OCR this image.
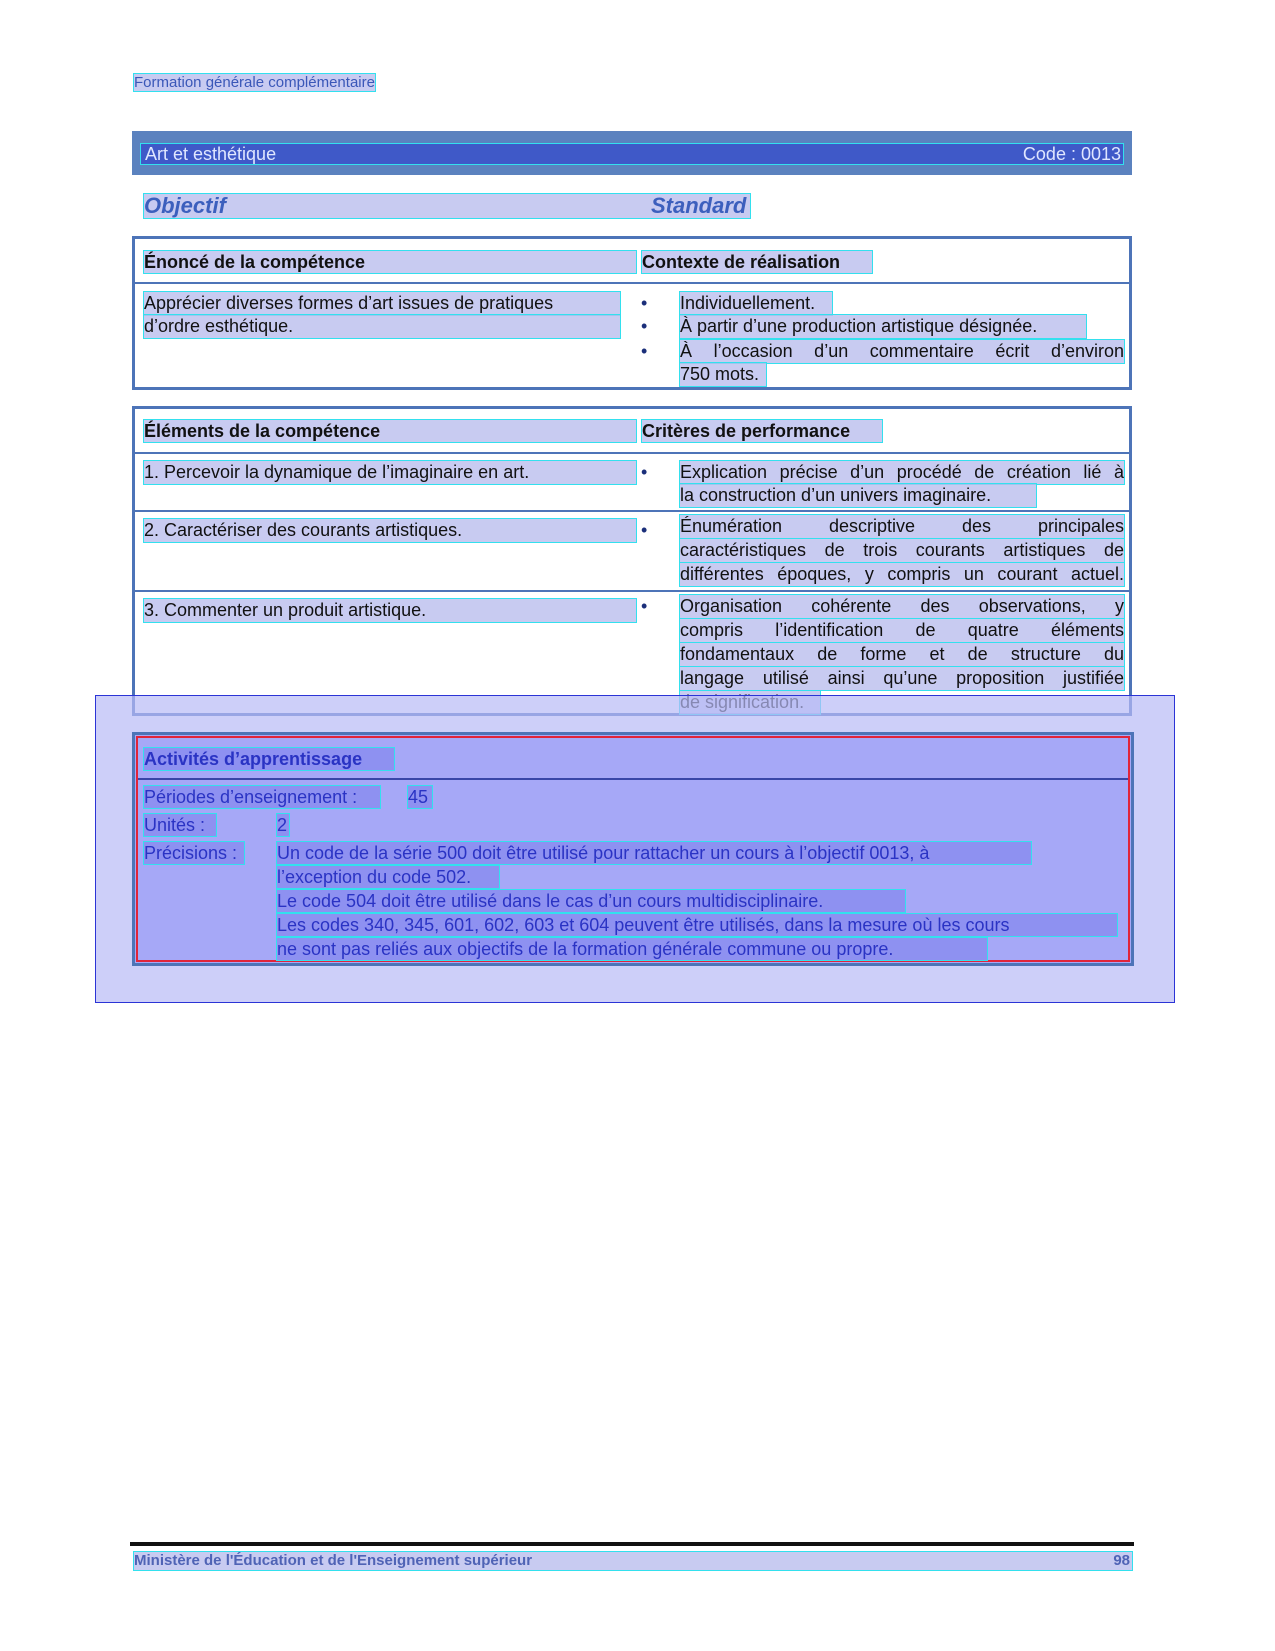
Formation générale complémentaire
Art et esthétique	Code : 0013
Objectif	Standard
Énoncé de la compétence	Contexte de réalisation
Apprécier diverses formes d’art issues de pratiques
d’ordre esthétique.
• Individuellement.
• À partir d’une production artistique désignée.
• À l’occasion d’un commentaire écrit d’environ
750 mots.
Éléments de la compétence	Critères de performance
1. Percevoir la dynamique de l’imaginaire en art.	• Explication précise d’un procédé de création lié à
la construction d’un univers imaginaire.
2. Caractériser des courants artistiques.	• Énumération descriptive des principales
caractéristiques de trois courants artistiques de
différentes époques, y compris un courant actuel.
3. Commenter un produit artistique.	• Organisation cohérente des observations, y
compris l’identification de quatre éléments
fondamentaux de forme et de structure du
langage utilisé ainsi qu’une proposition justifiée
Activités d’apprentissage
Périodes d’enseignement :	45
Unités :	2
Précisions :	Un code de la série 500 doit être utilisé pour rattacher un cours à l’objectif 0013, à
l’exception du code 502.
Le code 504 doit être utilisé dans le cas d’un cours multidisciplinaire.
Les codes 340, 345, 601, 602, 603 et 604 peuvent être utilisés, dans la mesure où les cours
ne sont pas reliés aux objectifs de la formation générale commune ou propre.
Ministère de l'Éducation et de l'Enseignement supérieur	98
